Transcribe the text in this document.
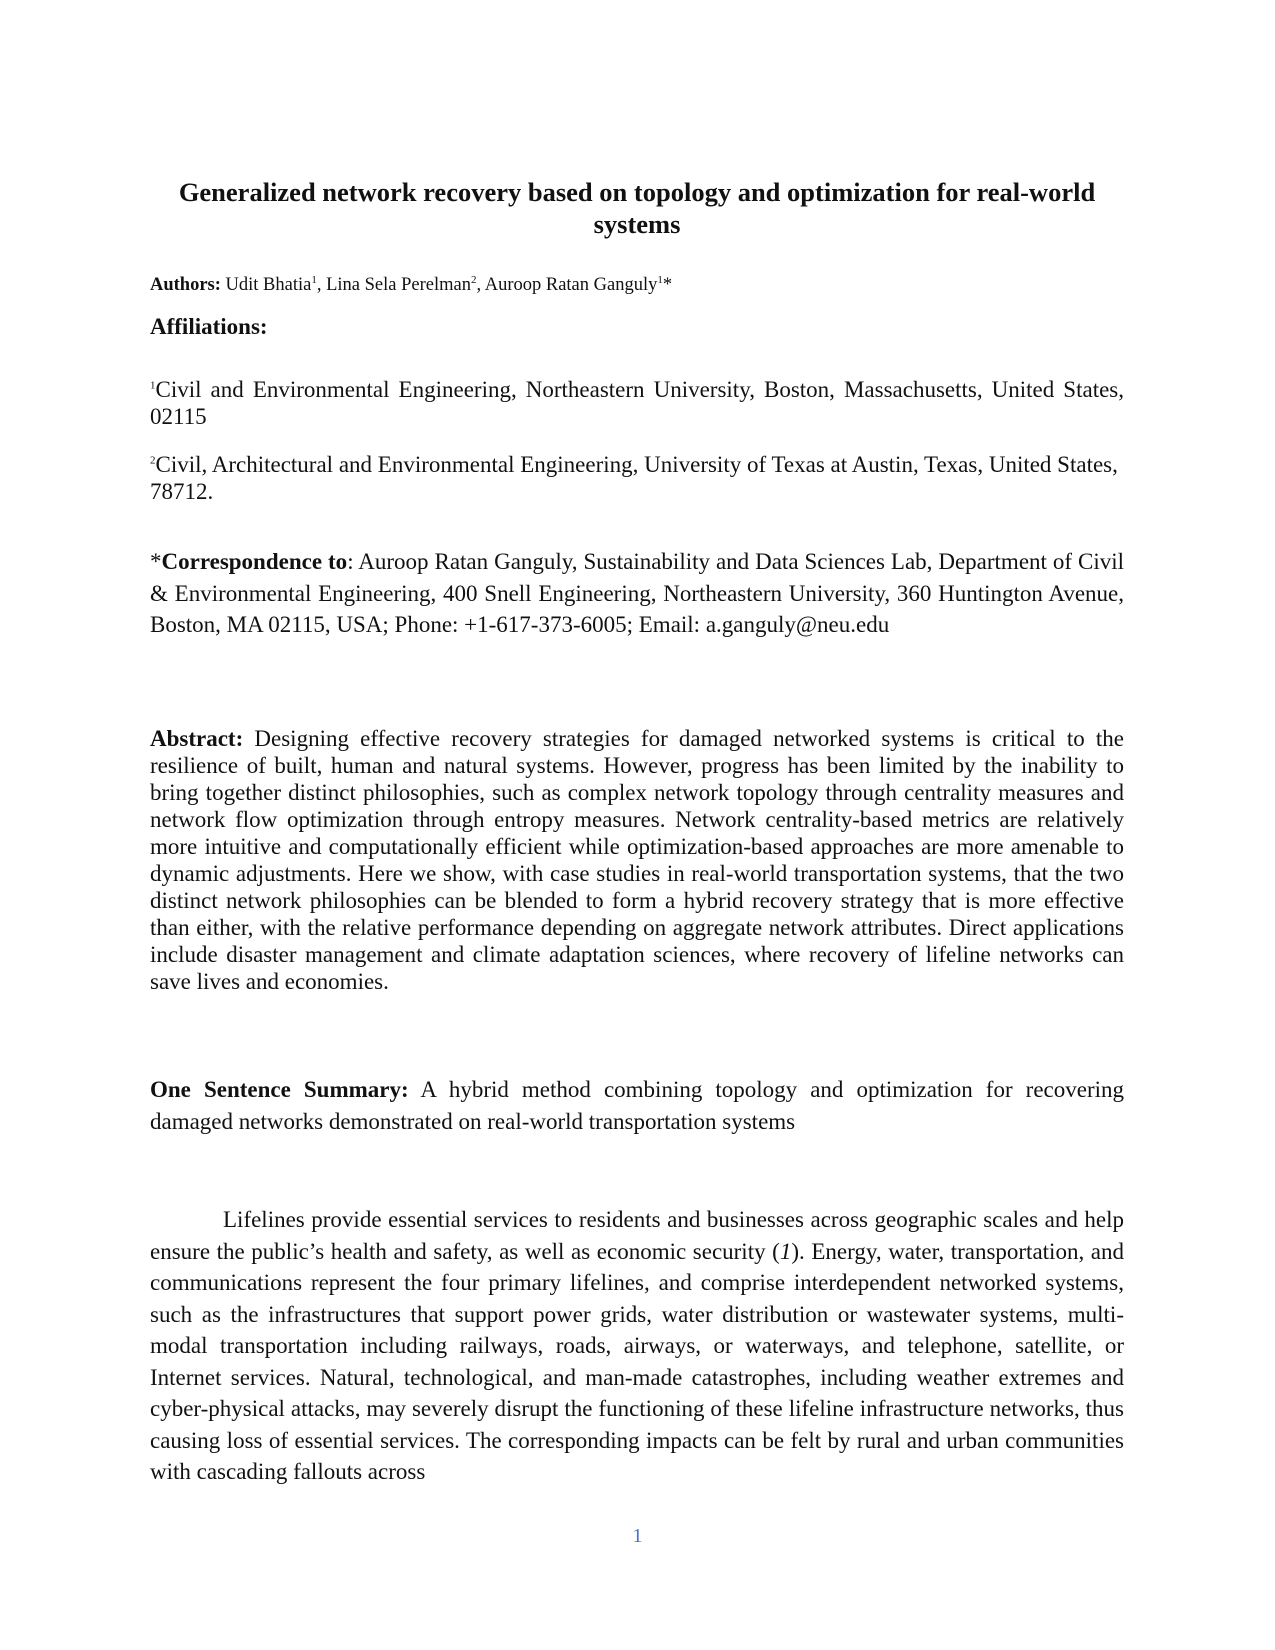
Generalized network recovery based on topology and optimization for real-world systems
Authors: Udit Bhatia$^1$, Lina Sela Perelman$^2$, Auroop Ratan Ganguly$^1$*
Affiliations:
$^1$Civil and Environmental Engineering, Northeastern University, Boston, Massachusetts, United States, 02115
$^2$Civil, Architectural and Environmental Engineering, University of Texas at Austin, Texas, United States, 78712.
*Correspondence to: Auroop Ratan Ganguly, Sustainability and Data Sciences Lab, Department of Civil & Environmental Engineering, 400 Snell Engineering, Northeastern University, 360 Huntington Avenue, Boston, MA 02115, USA; Phone: +1-617-373-6005; Email: a.ganguly@neu.edu
Abstract: Designing effective recovery strategies for damaged networked systems is critical to the resilience of built, human and natural systems. However, progress has been limited by the inability to bring together distinct philosophies, such as complex network topology through centrality measures and network flow optimization through entropy measures. Network centrality-based metrics are relatively more intuitive and computationally efficient while optimization-based approaches are more amenable to dynamic adjustments. Here we show, with case studies in real-world transportation systems, that the two distinct network philosophies can be blended to form a hybrid recovery strategy that is more effective than either, with the relative performance depending on aggregate network attributes. Direct applications include disaster management and climate adaptation sciences, where recovery of lifeline networks can save lives and economies.
One Sentence Summary: A hybrid method combining topology and optimization for recovering damaged networks demonstrated on real-world transportation systems
Lifelines provide essential services to residents and businesses across geographic scales and help ensure the public’s health and safety, as well as economic security (1). Energy, water, transportation, and communications represent the four primary lifelines, and comprise interdependent networked systems, such as the infrastructures that support power grids, water distribution or wastewater systems, multi-modal transportation including railways, roads, airways, or waterways, and telephone, satellite, or Internet services. Natural, technological, and man-made catastrophes, including weather extremes and cyber-physical attacks, may severely disrupt the functioning of these lifeline infrastructure networks, thus causing loss of essential services. The corresponding impacts can be felt by rural and urban communities with cascading fallouts across
1
